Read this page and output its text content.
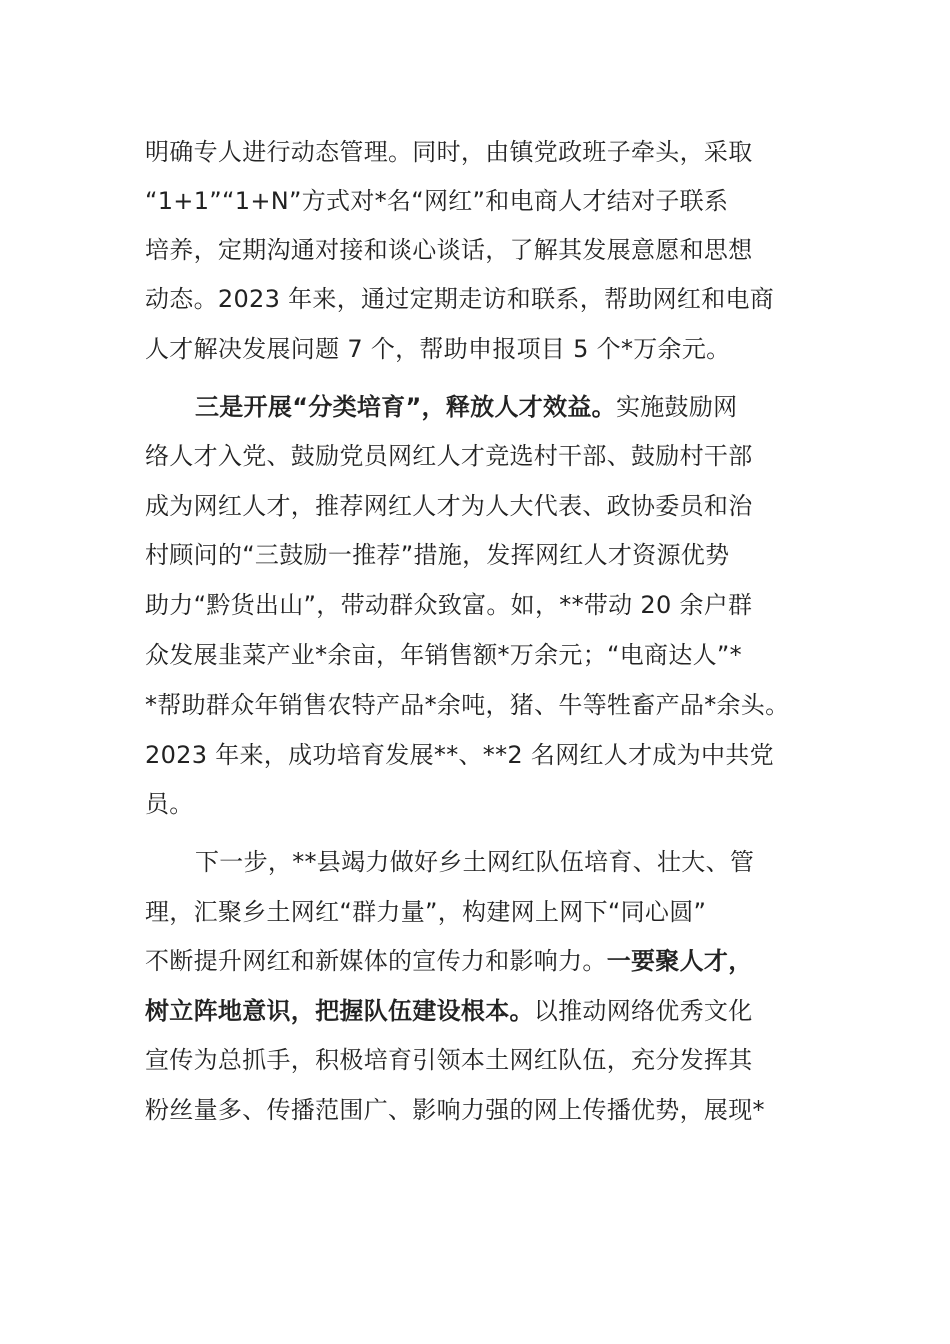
明确专人进行动态管理。同时，由镇党政班子牵头，采取
“1+1”“1+N”方式对*名“网红”和电商人才结对子联系
培养，定期沟通对接和谈心谈话，了解其发展意愿和思想
动态。2023 年来，通过定期走访和联系，帮助网红和电商
人才解决发展问题 7 个，帮助申报项目 5 个*万余元。
三是开展“分类培育”，释放人才效益。实施鼓励网
络人才入党、鼓励党员网红人才竞选村干部、鼓励村干部
成为网红人才，推荐网红人才为人大代表、政协委员和治
村顾问的“三鼓励一推荐”措施，发挥网红人才资源优势
助力“黔货出山”，带动群众致富。如，**带动 20 余户群
众发展韭菜产业*余亩，年销售额*万余元；“电商达人”*
*帮助群众年销售农特产品*余吨，猪、牛等牲畜产品*余头。
2023 年来，成功培育发展**、**2 名网红人才成为中共党
员。
下一步，**县竭力做好乡土网红队伍培育、壮大、管
理，汇聚乡土网红“群力量”，构建网上网下“同心圆”
不断提升网红和新媒体的宣传力和影响力。一要聚人才，
树立阵地意识，把握队伍建设根本。以推动网络优秀文化
宣传为总抓手，积极培育引领本土网红队伍，充分发挥其
粉丝量多、传播范围广、影响力强的网上传播优势，展现*
